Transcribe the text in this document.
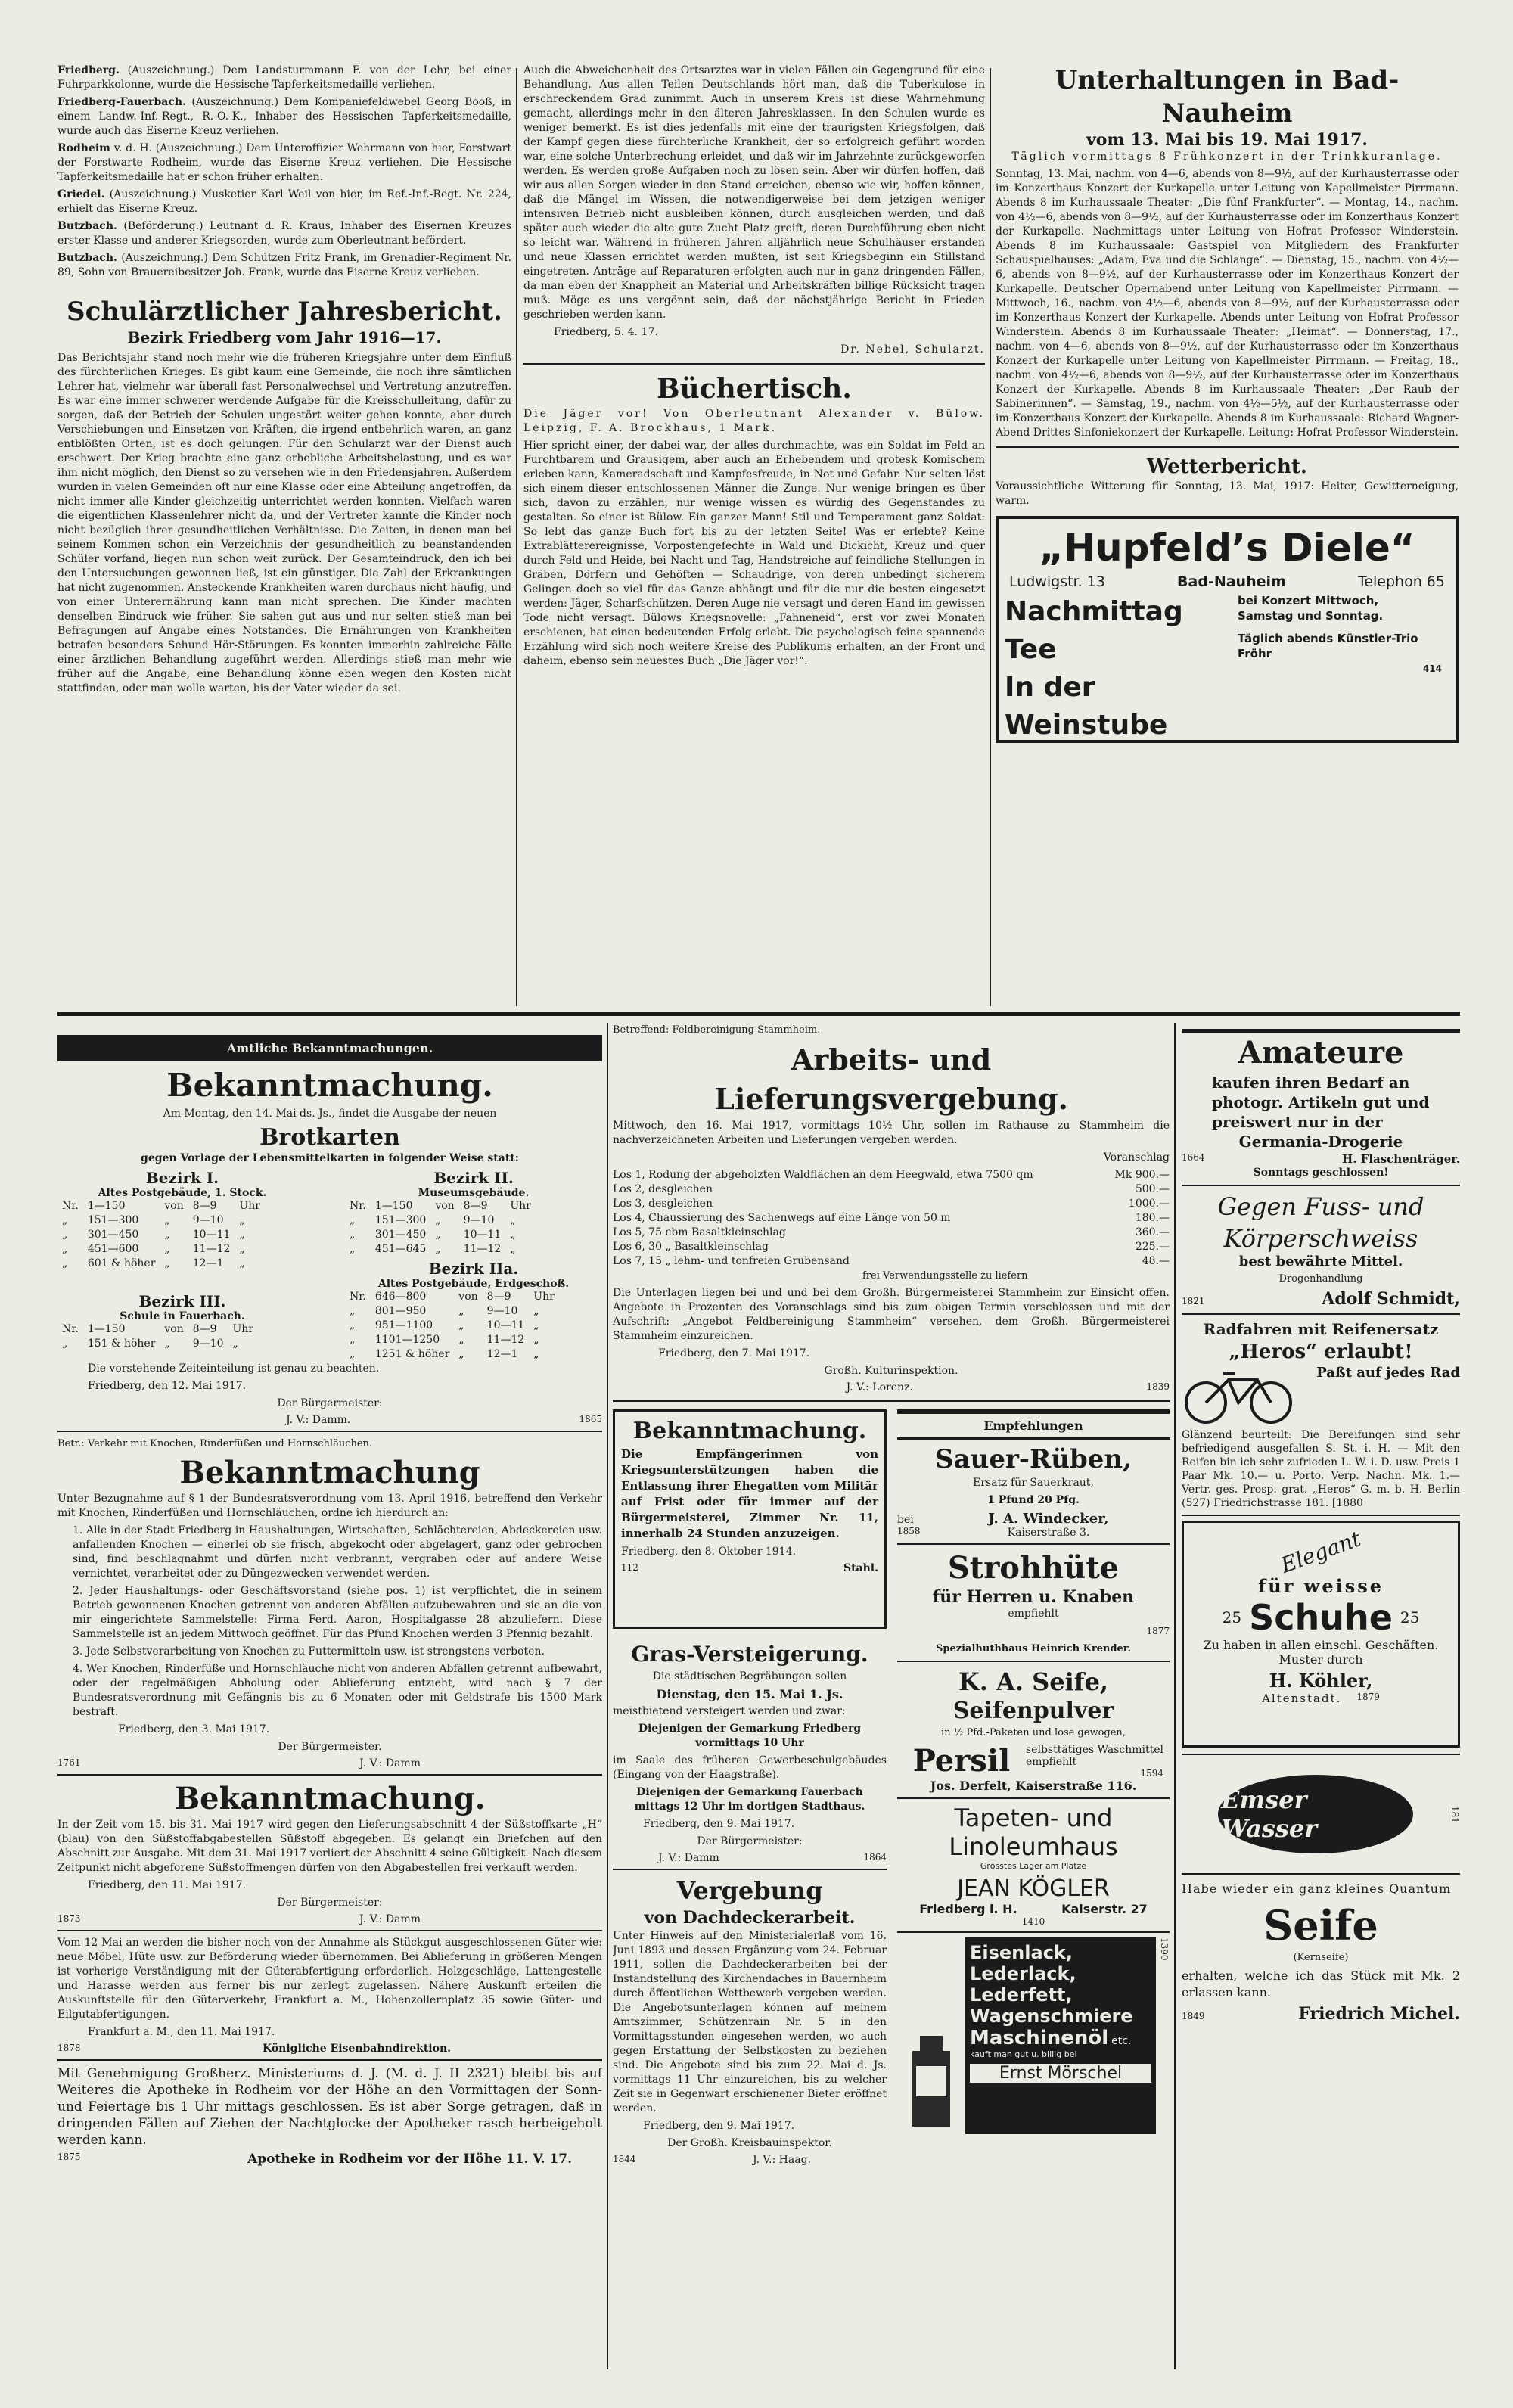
Friedberg. (Auszeichnung.) Dem Landsturmmann F. von der Lehr, bei einer Fuhrparkkolonne, wurde die Hessische Tapferkeitsmedaille verliehen.

Friedberg-Fauerbach. (Auszeichnung.) Dem Kompaniefeldwebel Georg Booß, in einem Landw.-Inf.-Regt., R.-O.-K., Inhaber des Hessischen Tapferkeitsmedaille, wurde auch das Eiserne Kreuz verliehen.

Rodheim v. d. H. (Auszeichnung.) Dem Unteroffizier Wehrmann von hier, Forstwart der Forstwarte Rodheim, wurde das Eiserne Kreuz verliehen. Die Hessische Tapferkeitsmedaille hat er schon früher erhalten.

Griedel. (Auszeichnung.) Musketier Karl Weil von hier, im Ref.-Inf.-Regt. Nr. 224, erhielt das Eiserne Kreuz.

Butzbach. (Beförderung.) Leutnant d. R. Kraus, Inhaber des Eisernen Kreuzes erster Klasse und anderer Kriegsorden, wurde zum Oberleutnant befördert.

Butzbach. (Auszeichnung.) Dem Schützen Fritz Frank, im Grenadier-Regiment Nr. 89, Sohn von Brauereibesitzer Joh. Frank, wurde das Eiserne Kreuz verliehen.

Schulärztlicher Jahresbericht.
Bezirk Friedberg vom Jahr 1916—17.

Das Berichtsjahr stand noch mehr wie die früheren Kriegsjahre unter dem Einfluß des fürchterlichen Krieges. Es gibt kaum eine Gemeinde, die noch ihre sämtlichen Lehrer hat, vielmehr war überall fast Personalwechsel und Vertretung anzutreffen. Es war eine immer schwerer werdende Aufgabe für die Kreisschulleitung, dafür zu sorgen, daß der Betrieb der Schulen ungestört weiter gehen konnte, aber durch Verschiebungen und Einsetzen von Kräften, die irgend entbehrlich waren, an ganz entblößten Orten, ist es doch gelungen. Für den Schularzt war der Dienst auch erschwert. Der Krieg brachte eine ganz erhebliche Arbeitsbelastung, und es war ihm nicht möglich, den Dienst so zu versehen wie in den Friedensjahren. Außerdem wurden in vielen Gemeinden oft nur eine Klasse oder eine Abteilung angetroffen, da nicht immer alle Kinder gleichzeitig unterrichtet werden konnten. Vielfach waren die eigentlichen Klassenlehrer nicht da, und der Vertreter kannte die Kinder noch nicht bezüglich ihrer gesundheitlichen Verhältnisse. Die Zeiten, in denen man bei seinem Kommen schon ein Verzeichnis der gesundheitlich zu beanstandenden Schüler vorfand, liegen nun schon weit zurück. Der Gesamteindruck, den ich bei den Untersuchungen gewonnen ließ, ist ein günstiger. Die Zahl der Erkrankungen hat nicht zugenommen. Ansteckende Krankheiten waren durchaus nicht häufig, und von einer Unterernährung kann man nicht sprechen. Die Kinder machten denselben Eindruck wie früher. Sie sahen gut aus und nur selten stieß man bei Befragungen auf Angabe eines Notstandes. Die Ernährungen von Krankheiten betrafen besonders Sehund Hör-Störungen. Es konnten immerhin zahlreiche Fälle einer ärztlichen Behandlung zugeführt werden. Allerdings stieß man mehr wie früher auf die Angabe, eine Behandlung könne eben wegen den Kosten nicht stattfinden, oder man wolle warten, bis der Vater wieder da sei.

Auch die Abweichenheit des Ortsarztes war in vielen Fällen ein Gegengrund für eine Behandlung. Aus allen Teilen Deutschlands hört man, daß die Tuberkulose in erschreckendem Grad zunimmt. Auch in unserem Kreis ist diese Wahrnehmung gemacht, allerdings mehr in den älteren Jahresklassen. In den Schulen wurde es weniger bemerkt. Es ist dies jedenfalls mit eine der traurigsten Kriegsfolgen, daß der Kampf gegen diese fürchterliche Krankheit, der so erfolgreich geführt worden war, eine solche Unterbrechung erleidet, und daß wir im Jahrzehnte zurückgeworfen werden. Es werden große Aufgaben noch zu lösen sein. Aber wir dürfen hoffen, daß wir aus allen Sorgen wieder in den Stand erreichen, ebenso wie wir, hoffen können, daß die Mängel im Wissen, die notwendigerweise bei dem jetzigen weniger intensiven Betrieb nicht ausbleiben können, durch ausgleichen werden, und daß später auch wieder die alte gute Zucht Platz greift, deren Durchführung eben nicht so leicht war. Während in früheren Jahren alljährlich neue Schulhäuser erstanden und neue Klassen errichtet werden mußten, ist seit Kriegsbeginn ein Stillstand eingetreten. Anträge auf Reparaturen erfolgten auch nur in ganz dringenden Fällen, da man eben der Knappheit an Material und Arbeitskräften billige Rücksicht tragen muß. Möge es uns vergönnt sein, daß der nächstjährige Bericht in Frieden geschrieben werden kann.

Friedberg, 5. 4. 17.

Dr. Nebel, Schularzt.

Büchertisch.

Die Jäger vor! Von Oberleutnant Alexander v. Bülow. Leipzig, F. A. Brockhaus, 1 Mark.

Hier spricht einer, der dabei war, der alles durchmachte, was ein Soldat im Feld an Furchtbarem und Grausigem, aber auch an Erhebendem und grotesk Komischem erleben kann, Kameradschaft und Kampfesfreude, in Not und Gefahr. Nur selten löst sich einem dieser entschlossenen Männer die Zunge. Nur wenige bringen es über sich, davon zu erzählen, nur wenige wissen es würdig des Gegenstandes zu gestalten. So einer ist Bülow. Ein ganzer Mann! Stil und Temperament ganz Soldat: So lebt das ganze Buch fort bis zu der letzten Seite! Was er erlebte? Keine Extrablätterereignisse, Vorpostengefechte in Wald und Dickicht, Kreuz und quer durch Feld und Heide, bei Nacht und Tag, Handstreiche auf feindliche Stellungen in Gräben, Dörfern und Gehöften — Schaudrige, von deren unbedingt sicherem Gelingen doch so viel für das Ganze abhängt und für die nur die besten eingesetzt werden: Jäger, Scharfschützen. Deren Auge nie versagt und deren Hand im gewissen Tode nicht versagt. Bülows Kriegsnovelle: „Fahneneid“, erst vor zwei Monaten erschienen, hat einen bedeutenden Erfolg erlebt. Die psychologisch feine spannende Erzählung wird sich noch weitere Kreise des Publikums erhalten, an der Front und daheim, ebenso sein neuestes Buch „Die Jäger vor!“.

Unterhaltungen in Bad-Nauheim
vom 13. Mai bis 19. Mai 1917.

Täglich vormittags 8 Frühkonzert in der Trinkkuranlage.

Sonntag, 13. Mai, nachm. von 4—6, abends von 8—9½, auf der Kurhausterrasse oder im Konzerthaus Konzert der Kurkapelle unter Leitung von Kapellmeister Pirrmann. Abends 8 im Kurhaussaale Theater: „Die fünf Frankfurter“. — Montag, 14., nachm. von 4½—6, abends von 8—9½, auf der Kurhausterrasse oder im Konzerthaus Konzert der Kurkapelle. Nachmittags unter Leitung von Hofrat Professor Winderstein. Abends 8 im Kurhaussaale: Gastspiel von Mitgliedern des Frankfurter Schauspielhauses: „Adam, Eva und die Schlange“. — Dienstag, 15., nachm. von 4½—6, abends von 8—9½, auf der Kurhausterrasse oder im Konzerthaus Konzert der Kurkapelle. Deutscher Opernabend unter Leitung von Kapellmeister Pirrmann. — Mittwoch, 16., nachm. von 4½—6, abends von 8—9½, auf der Kurhausterrasse oder im Konzerthaus Konzert der Kurkapelle. Abends unter Leitung von Hofrat Professor Winderstein. Abends 8 im Kurhaussaale Theater: „Heimat“. — Donnerstag, 17., nachm. von 4—6, abends von 8—9½, auf der Kurhausterrasse oder im Konzerthaus Konzert der Kurkapelle unter Leitung von Kapellmeister Pirrmann. — Freitag, 18., nachm. von 4½—6, abends von 8—9½, auf der Kurhausterrasse oder im Konzerthaus Konzert der Kurkapelle. Abends 8 im Kurhaussaale Theater: „Der Raub der Sabinerinnen“. — Samstag, 19., nachm. von 4½—5½, auf der Kurhausterrasse oder im Konzerthaus Konzert der Kurkapelle. Abends 8 im Kurhaussaale: Richard Wagner-Abend Drittes Sinfoniekonzert der Kurkapelle. Leitung: Hofrat Professor Winderstein.

Wetterbericht.

Voraussichtliche Witterung für Sonntag, 13. Mai, 1917: Heiter, Gewitterneigung, warm.

„Hupfeld’s Diele“
Ludwigstr. 13	Bad-Nauheim	Telephon 65
Nachmittag Tee
In der Weinstube
bei Konzert Mittwoch,
Samstag und Sonntag.
Täglich abends Künstler-Trio Fröhr
414
Amtliche Bekanntmachungen.
Bekanntmachung.

Am Montag, den 14. Mai ds. Js., findet die Ausgabe der neuen

Brotkarten

gegen Vorlage der Lebensmittelkarten in folgender Weise statt:

Bezirk I.
Altes Postgebäude, 1. Stock.
Nr.	1—150	von	8—9	Uhr
„	151—300	„	9—10	„
„	301—450	„	10—11	„
„	451—600	„	11—12	„
„	601 & höher	„	12—1	„
Bezirk III.
Schule in Fauerbach.
Nr.	1—150	von	8—9	Uhr
„	151 & höher	„	9—10	„
Bezirk II.
Museumsgebäude.
Nr.	1—150	von	8—9	Uhr
„	151—300	„	9—10	„
„	301—450	„	10—11	„
„	451—645	„	11—12	„
Bezirk IIa.
Altes Postgebäude, Erdgeschoß.
Nr.	646—800	von	8—9	Uhr
„	801—950	„	9—10	„
„	951—1100	„	10—11	„
„	1101—1250	„	11—12	„
„	1251 & höher	„	12—1	„

Die vorstehende Zeiteinteilung ist genau zu beachten.

Friedberg, den 12. Mai 1917.

Der Bürgermeister:

J. V.: Damm.	1865

Betr.: Verkehr mit Knochen, Rinderfüßen und Hornschläuchen.

Bekanntmachung

Unter Bezugnahme auf § 1 der Bundesratsverordnung vom 13. April 1916, betreffend den Verkehr mit Knochen, Rinderfüßen und Hornschläuchen, ordne ich hierdurch an:

1. Alle in der Stadt Friedberg in Haushaltungen, Wirtschaften, Schlächtereien, Abdeckereien usw. anfallenden Knochen — einerlei ob sie frisch, abgekocht oder abgelagert, ganz oder gebrochen sind, find beschlagnahmt und dürfen nicht verbrannt, vergraben oder auf andere Weise vernichtet, verarbeitet oder zu Düngezwecken verwendet werden.

2. Jeder Haushaltungs- oder Geschäftsvorstand (siehe pos. 1) ist verpflichtet, die in seinem Betrieb gewonnenen Knochen getrennt von anderen Abfällen aufzubewahren und sie an die von mir eingerichtete Sammelstelle: Firma Ferd. Aaron, Hospitalgasse 28 abzuliefern. Diese Sammelstelle ist an jedem Mittwoch geöffnet. Für das Pfund Knochen werden 3 Pfennig bezahlt.

3. Jede Selbstverarbeitung von Knochen zu Futtermitteln usw. ist strengstens verboten.

4. Wer Knochen, Rinderfüße und Hornschläuche nicht von anderen Abfällen getrennt aufbewahrt, oder der regelmäßigen Abholung oder Ablieferung entzieht, wird nach § 7 der Bundesratsverordnung mit Gefängnis bis zu 6 Monaten oder mit Geldstrafe bis 1500 Mark bestraft.

Friedberg, den 3. Mai 1917.

Der Bürgermeister.

1761	J. V.: Damm
Bekanntmachung.

In der Zeit vom 15. bis 31. Mai 1917 wird gegen den Lieferungsabschnitt 4 der Süßstoffkarte „H“ (blau) von den Süßstoffabgabestellen Süßstoff abgegeben. Es gelangt ein Briefchen auf den Abschnitt zur Ausgabe. Mit dem 31. Mai 1917 verliert der Abschnitt 4 seine Gültigkeit. Nach diesem Zeitpunkt nicht abgeforene Süßstoffmengen dürfen von den Abgabestellen frei verkauft werden.

Friedberg, den 11. Mai 1917.

Der Bürgermeister:

1873	J. V.: Damm

Vom 12 Mai an werden die bisher noch von der Annahme als Stückgut ausgeschlossenen Güter wie: neue Möbel, Hüte usw. zur Beförderung wieder übernommen. Bei Ablieferung in größeren Mengen ist vorherige Verständigung mit der Güterabfertigung erforderlich. Holzgeschläge, Lattengestelle und Harasse werden aus ferner bis nur zerlegt zugelassen. Nähere Auskunft erteilen die Auskunftstelle für den Güterverkehr, Frankfurt a. M., Hohenzollernplatz 35 sowie Güter- und Eilgutabfertigungen.

Frankfurt a. M., den 11. Mai 1917.

1878	Königliche Eisenbahndirektion.

Mit Genehmigung Großherz. Ministeriums d. J. (M. d. J. II 2321) bleibt bis auf Weiteres die Apotheke in Rodheim vor der Höhe an den Vormittagen der Sonn- und Feiertage bis 1 Uhr mittags geschlossen. Es ist aber Sorge getragen, daß in dringenden Fällen auf Ziehen der Nachtglocke der Apotheker rasch herbeigeholt werden kann.

1875	Apotheke in Rodheim vor der Höhe 11. V. 17.

Betreffend: Feldbereinigung Stammheim.

Arbeits- und Lieferungsvergebung.

Mittwoch, den 16. Mai 1917, vormittags 10½ Uhr, sollen im Rathause zu Stammheim die nachverzeichneten Arbeiten und Lieferungen vergeben werden.

Voranschlag

Los 1, Rodung der abgeholzten Waldflächen an dem Heegwald, etwa 7500 qm	Mk 900.—
Los 2, desgleichen	500.—
Los 3, desgleichen	1000.—
Los 4, Chaussierung des Sachenwegs auf eine Länge von 50 m	180.—
Los 5, 75 cbm Basaltkleinschlag	360.—
Los 6, 30 „ Basaltkleinschlag	225.—
Los 7, 15 „ lehm- und tonfreien Grubensand	48.—

frei Verwendungsstelle zu liefern

Die Unterlagen liegen bei und und bei dem Großh. Bürgermeisterei Stammheim zur Einsicht offen. Angebote in Prozenten des Voranschlags sind bis zum obigen Termin verschlossen und mit der Aufschrift: „Angebot Feldbereinigung Stammheim“ versehen, dem Großh. Bürgermeisterei Stammheim einzureichen.

Friedberg, den 7. Mai 1917.

Großh. Kulturinspektion.

J. V.: Lorenz.	1839
Bekanntmachung.

Die Empfängerinnen von Kriegsunterstützungen haben die Entlassung ihrer Ehegatten vom Militär auf Frist oder für immer auf der Bürgermeisterei, Zimmer Nr. 11, innerhalb 24 Stunden anzuzeigen.

Friedberg, den 8. Oktober 1914.

112	Stahl.
Gras-Versteigerung.

Die städtischen Begräbungen sollen

Dienstag, den 15. Mai 1. Js.

meistbietend versteigert werden und zwar:

Diejenigen der Gemarkung Friedberg vormittags 10 Uhr

im Saale des früheren Gewerbeschulgebäudes (Eingang von der Haagstraße).

Diejenigen der Gemarkung Fauerbach mittags 12 Uhr im dortigen Stadthaus.

Friedberg, den 9. Mai 1917.

Der Bürgermeister:

J. V.: Damm	1864
Vergebung
von Dachdeckerarbeit.

Unter Hinweis auf den Ministerialerlaß vom 16. Juni 1893 und dessen Ergänzung vom 24. Februar 1911, sollen die Dachdeckerarbeiten bei der Instandstellung des Kirchendaches in Bauernheim durch öffentlichen Wettbewerb vergeben werden. Die Angebotsunterlagen können auf meinem Amtszimmer, Schützenrain Nr. 5 in den Vormittagsstunden eingesehen werden, wo auch gegen Erstattung der Selbstkosten zu beziehen sind. Die Angebote sind bis zum 22. Mai d. Js. vormittags 11 Uhr einzureichen, bis zu welcher Zeit sie in Gegenwart erschienener Bieter eröffnet werden.

Friedberg, den 9. Mai 1917.

Der Großh. Kreisbauinspektor.

1844	J. V.: Haag.
Empfehlungen
Sauer-Rüben,

Ersatz für Sauerkraut,

1 Pfund 20 Pfg.

bei
1858
J. A. Windecker,
Kaiserstraße 3.
Strohhüte
für Herren u. Knaben

empfiehlt

1877

Spezialhuthhaus Heinrich Krender.

K. A. Seife,
Seifenpulver

in ½ Pfd.-Paketen und lose gewogen,

Persil	selbsttätiges Waschmittel
empfiehlt
1594

Jos. Derfelt, Kaiserstraße 116.

Tapeten- und
Linoleumhaus
Grösstes Lager am Platze
JEAN KÖGLER
Friedberg i. H.	Kaiserstr. 27
1410
Eisenlack,
Lederlack,
Lederfett,
Wagenschmiere
Maschinenöl etc.
kauft man gut u. billig bei
Ernst Mörschel
1390
Amateure

kaufen ihren Bedarf an photogr. Artikeln gut und preiswert nur in der

Germania-Drogerie

1664	H. Flaschenträger.

Sonntags geschlossen!

Gegen Fuss- und
Körperschweiss

best bewährte Mittel.

Drogenhandlung

1821	Adolf Schmidt,
Radfahren mit Reifenersatz
„Heros“ erlaubt!
Paßt auf jedes Rad

Glänzend beurteilt: Die Bereifungen sind sehr befriedigend ausgefallen S. St. i. H. — Mit den Reifen bin ich sehr zufrieden L. W. i. D. usw. Preis 1 Paar Mk. 10.— u. Porto. Verp. Nachn. Mk. 1.— Vertr. ges. Prosp. grat. „Heros“ G. m. b. H. Berlin (527) Friedrichstrasse 181. [1880

Elegant
für weisse
25 Schuhe 25

Zu haben in allen einschl. Geschäften. Muster durch

H. Köhler,
Altenstadt. 1879
Emser Wasser	181

Habe wieder ein ganz kleines Quantum

Seife

(Kernseife)

erhalten, welche ich das Stück mit Mk. 2 erlassen kann.

1849	Friedrich Michel.
